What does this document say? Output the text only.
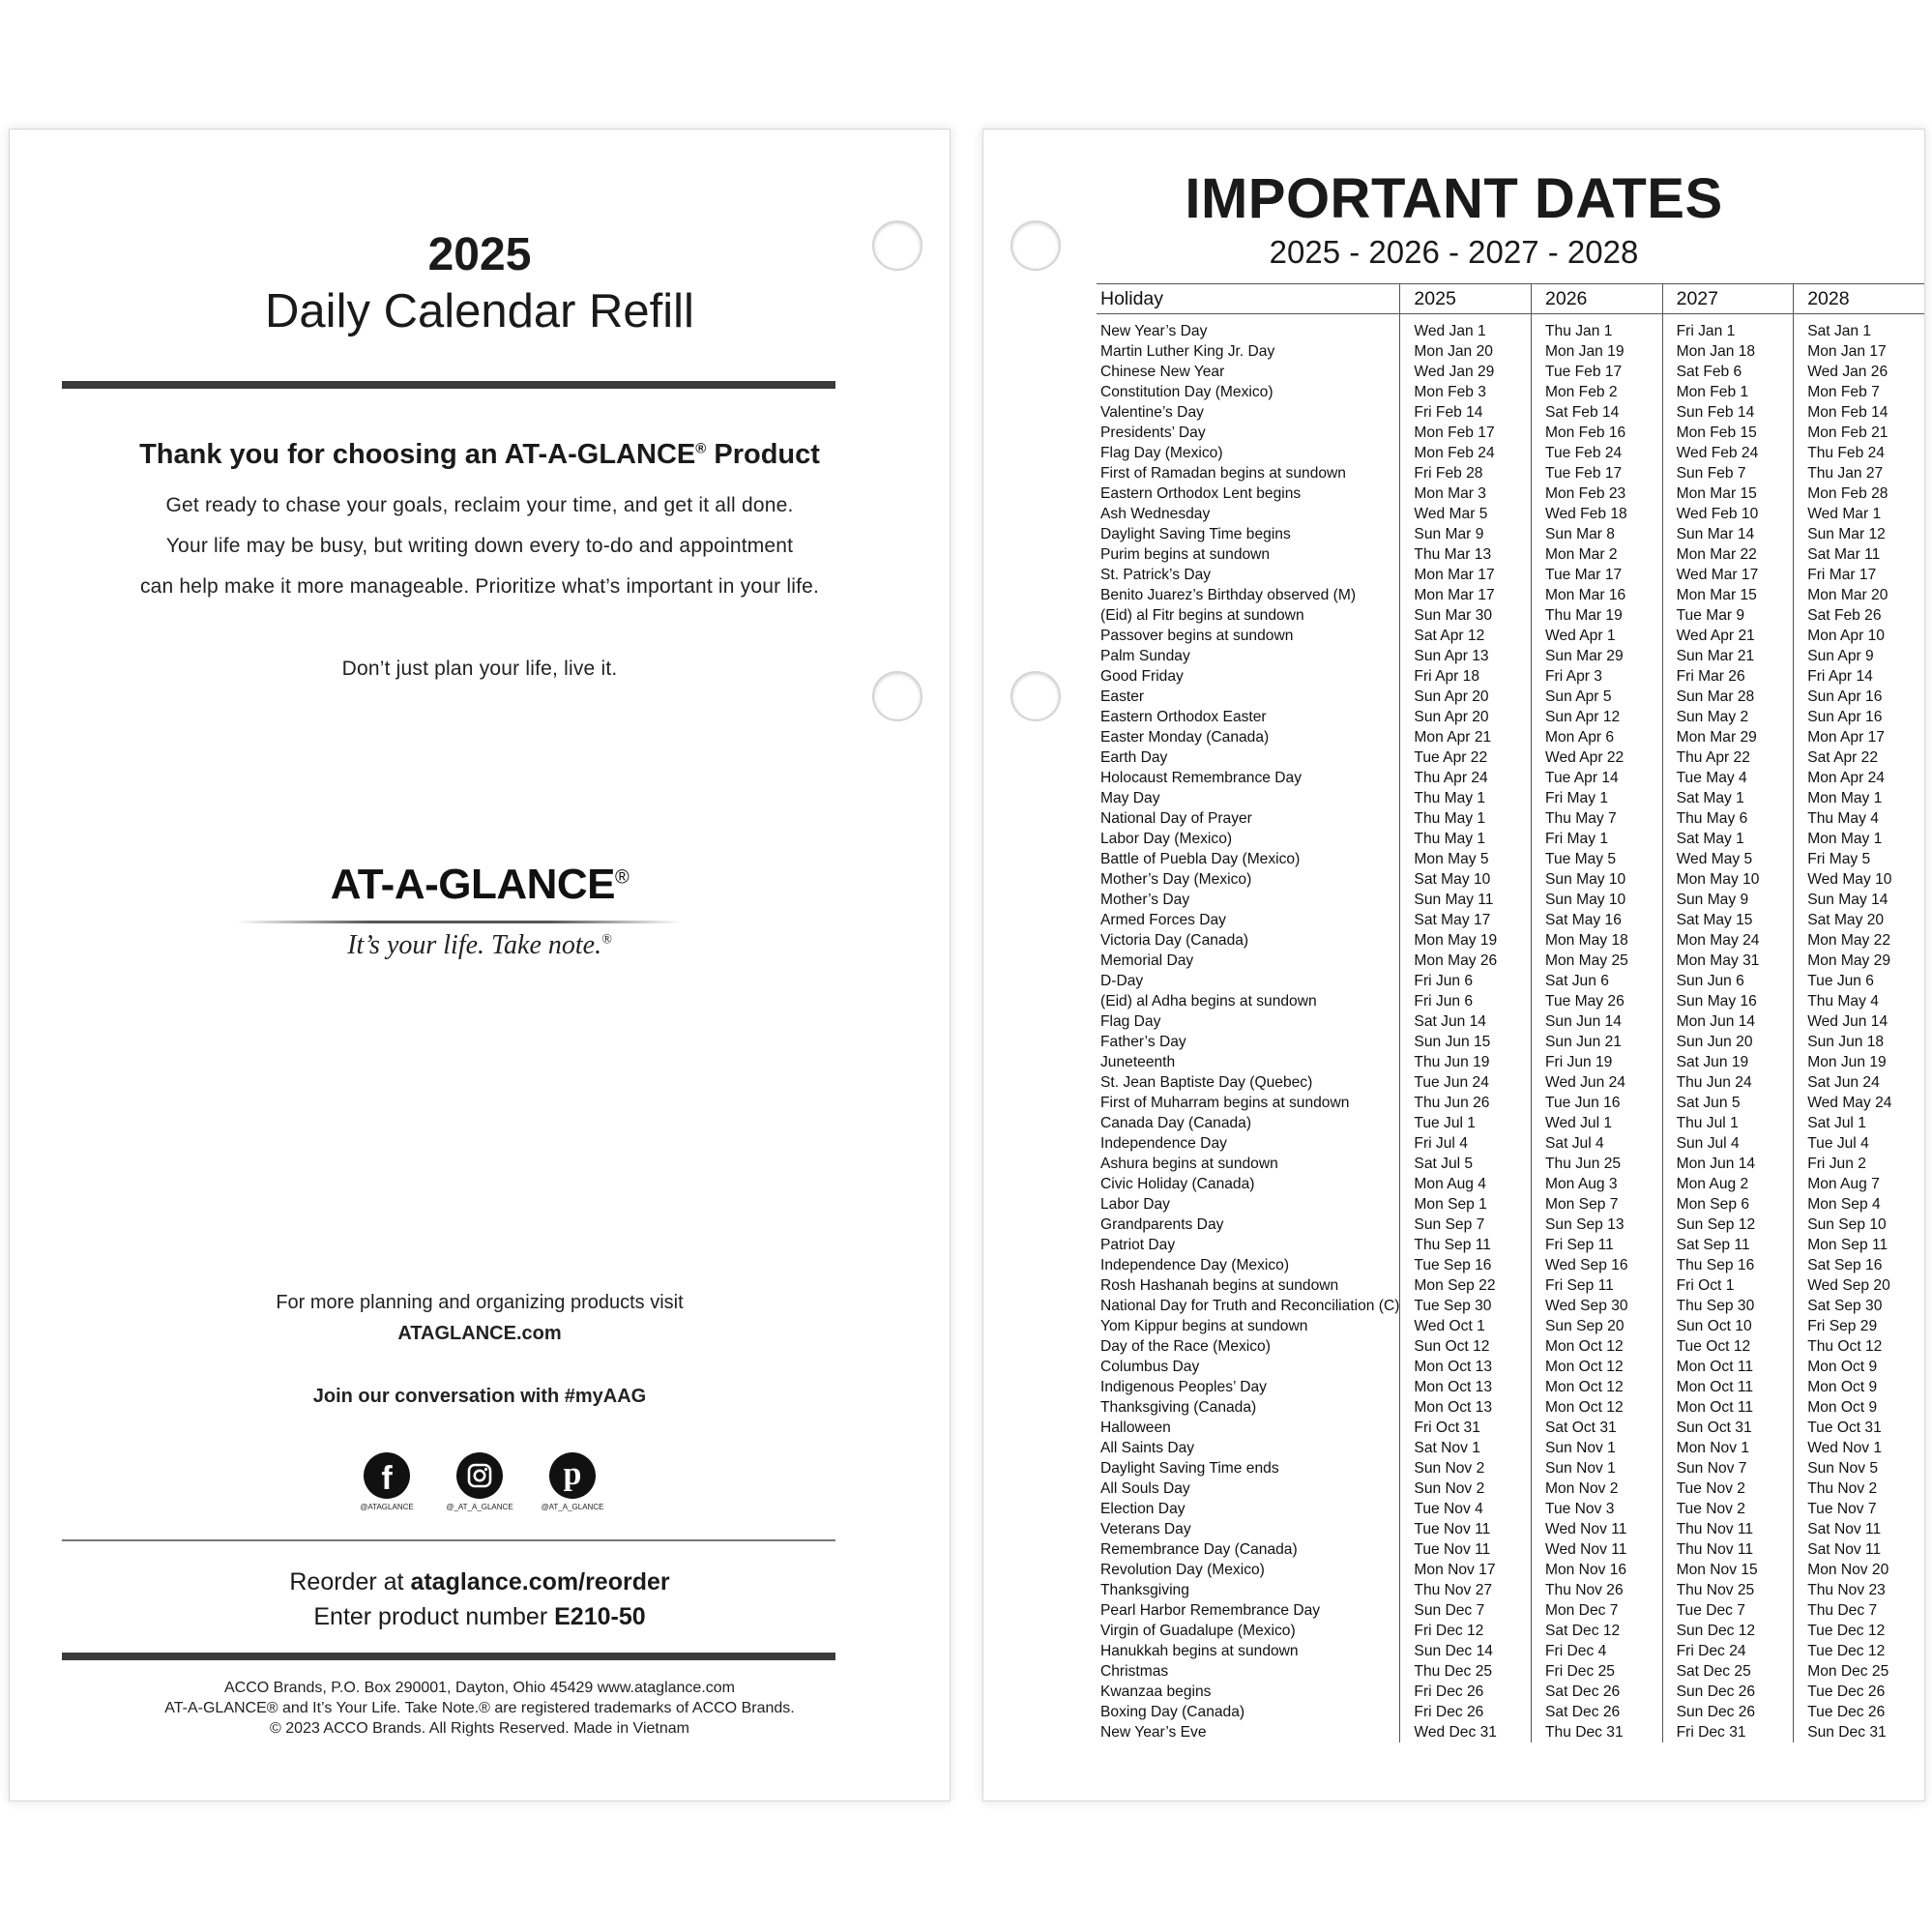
2025
Daily Calendar Refill
Thank you for choosing an AT-A-GLANCE® Product
Get ready to chase your goals, reclaim your time, and get it all done.
Your life may be busy, but writing down every to-do and appointment
can help make it more manageable. Prioritize what’s important in your life.
Don’t just plan your life, live it.
AT-A-GLANCE®
It’s your life. Take note.®
For more planning and organizing products visit
ATAGLANCE.com
Join our conversation with #myAAG
f
@ATAGLANCE	@_AT_A_GLANCE
p
@AT_A_GLANCE
Reorder at ataglance.com/reorder
Enter product number E210-50
ACCO Brands, P.O. Box 290001, Dayton, Ohio 45429 www.ataglance.com
AT-A-GLANCE® and It’s Your Life. Take Note.® are registered trademarks of ACCO Brands.
© 2023 ACCO Brands. All Rights Reserved. Made in Vietnam
IMPORTANT DATES
2025 - 2026 - 2027 - 2028
Holiday	2025	2026	2027	2028
New Year’s Day	Wed Jan 1	Thu Jan 1	Fri Jan 1	Sat Jan 1
Martin Luther King Jr. Day	Mon Jan 20	Mon Jan 19	Mon Jan 18	Mon Jan 17
Chinese New Year	Wed Jan 29	Tue Feb 17	Sat Feb 6	Wed Jan 26
Constitution Day (Mexico)	Mon Feb 3	Mon Feb 2	Mon Feb 1	Mon Feb 7
Valentine’s Day	Fri Feb 14	Sat Feb 14	Sun Feb 14	Mon Feb 14
Presidents’ Day	Mon Feb 17	Mon Feb 16	Mon Feb 15	Mon Feb 21
Flag Day (Mexico)	Mon Feb 24	Tue Feb 24	Wed Feb 24	Thu Feb 24
First of Ramadan begins at sundown	Fri Feb 28	Tue Feb 17	Sun Feb 7	Thu Jan 27
Eastern Orthodox Lent begins	Mon Mar 3	Mon Feb 23	Mon Mar 15	Mon Feb 28
Ash Wednesday	Wed Mar 5	Wed Feb 18	Wed Feb 10	Wed Mar 1
Daylight Saving Time begins	Sun Mar 9	Sun Mar 8	Sun Mar 14	Sun Mar 12
Purim begins at sundown	Thu Mar 13	Mon Mar 2	Mon Mar 22	Sat Mar 11
St. Patrick’s Day	Mon Mar 17	Tue Mar 17	Wed Mar 17	Fri Mar 17
Benito Juarez’s Birthday observed (M)	Mon Mar 17	Mon Mar 16	Mon Mar 15	Mon Mar 20
(Eid) al Fitr begins at sundown	Sun Mar 30	Thu Mar 19	Tue Mar 9	Sat Feb 26
Passover begins at sundown	Sat Apr 12	Wed Apr 1	Wed Apr 21	Mon Apr 10
Palm Sunday	Sun Apr 13	Sun Mar 29	Sun Mar 21	Sun Apr 9
Good Friday	Fri Apr 18	Fri Apr 3	Fri Mar 26	Fri Apr 14
Easter	Sun Apr 20	Sun Apr 5	Sun Mar 28	Sun Apr 16
Eastern Orthodox Easter	Sun Apr 20	Sun Apr 12	Sun May 2	Sun Apr 16
Easter Monday (Canada)	Mon Apr 21	Mon Apr 6	Mon Mar 29	Mon Apr 17
Earth Day	Tue Apr 22	Wed Apr 22	Thu Apr 22	Sat Apr 22
Holocaust Remembrance Day	Thu Apr 24	Tue Apr 14	Tue May 4	Mon Apr 24
May Day	Thu May 1	Fri May 1	Sat May 1	Mon May 1
National Day of Prayer	Thu May 1	Thu May 7	Thu May 6	Thu May 4
Labor Day (Mexico)	Thu May 1	Fri May 1	Sat May 1	Mon May 1
Battle of Puebla Day (Mexico)	Mon May 5	Tue May 5	Wed May 5	Fri May 5
Mother’s Day (Mexico)	Sat May 10	Sun May 10	Mon May 10	Wed May 10
Mother’s Day	Sun May 11	Sun May 10	Sun May 9	Sun May 14
Armed Forces Day	Sat May 17	Sat May 16	Sat May 15	Sat May 20
Victoria Day (Canada)	Mon May 19	Mon May 18	Mon May 24	Mon May 22
Memorial Day	Mon May 26	Mon May 25	Mon May 31	Mon May 29
D-Day	Fri Jun 6	Sat Jun 6	Sun Jun 6	Tue Jun 6
(Eid) al Adha begins at sundown	Fri Jun 6	Tue May 26	Sun May 16	Thu May 4
Flag Day	Sat Jun 14	Sun Jun 14	Mon Jun 14	Wed Jun 14
Father’s Day	Sun Jun 15	Sun Jun 21	Sun Jun 20	Sun Jun 18
Juneteenth	Thu Jun 19	Fri Jun 19	Sat Jun 19	Mon Jun 19
St. Jean Baptiste Day (Quebec)	Tue Jun 24	Wed Jun 24	Thu Jun 24	Sat Jun 24
First of Muharram begins at sundown	Thu Jun 26	Tue Jun 16	Sat Jun 5	Wed May 24
Canada Day (Canada)	Tue Jul 1	Wed Jul 1	Thu Jul 1	Sat Jul 1
Independence Day	Fri Jul 4	Sat Jul 4	Sun Jul 4	Tue Jul 4
Ashura begins at sundown	Sat Jul 5	Thu Jun 25	Mon Jun 14	Fri Jun 2
Civic Holiday (Canada)	Mon Aug 4	Mon Aug 3	Mon Aug 2	Mon Aug 7
Labor Day	Mon Sep 1	Mon Sep 7	Mon Sep 6	Mon Sep 4
Grandparents Day	Sun Sep 7	Sun Sep 13	Sun Sep 12	Sun Sep 10
Patriot Day	Thu Sep 11	Fri Sep 11	Sat Sep 11	Mon Sep 11
Independence Day (Mexico)	Tue Sep 16	Wed Sep 16	Thu Sep 16	Sat Sep 16
Rosh Hashanah begins at sundown	Mon Sep 22	Fri Sep 11	Fri Oct 1	Wed Sep 20
National Day for Truth and Reconciliation (C)	Tue Sep 30	Wed Sep 30	Thu Sep 30	Sat Sep 30
Yom Kippur begins at sundown	Wed Oct 1	Sun Sep 20	Sun Oct 10	Fri Sep 29
Day of the Race (Mexico)	Sun Oct 12	Mon Oct 12	Tue Oct 12	Thu Oct 12
Columbus Day	Mon Oct 13	Mon Oct 12	Mon Oct 11	Mon Oct 9
Indigenous Peoples’ Day	Mon Oct 13	Mon Oct 12	Mon Oct 11	Mon Oct 9
Thanksgiving (Canada)	Mon Oct 13	Mon Oct 12	Mon Oct 11	Mon Oct 9
Halloween	Fri Oct 31	Sat Oct 31	Sun Oct 31	Tue Oct 31
All Saints Day	Sat Nov 1	Sun Nov 1	Mon Nov 1	Wed Nov 1
Daylight Saving Time ends	Sun Nov 2	Sun Nov 1	Sun Nov 7	Sun Nov 5
All Souls Day	Sun Nov 2	Mon Nov 2	Tue Nov 2	Thu Nov 2
Election Day	Tue Nov 4	Tue Nov 3	Tue Nov 2	Tue Nov 7
Veterans Day	Tue Nov 11	Wed Nov 11	Thu Nov 11	Sat Nov 11
Remembrance Day (Canada)	Tue Nov 11	Wed Nov 11	Thu Nov 11	Sat Nov 11
Revolution Day (Mexico)	Mon Nov 17	Mon Nov 16	Mon Nov 15	Mon Nov 20
Thanksgiving	Thu Nov 27	Thu Nov 26	Thu Nov 25	Thu Nov 23
Pearl Harbor Remembrance Day	Sun Dec 7	Mon Dec 7	Tue Dec 7	Thu Dec 7
Virgin of Guadalupe (Mexico)	Fri Dec 12	Sat Dec 12	Sun Dec 12	Tue Dec 12
Hanukkah begins at sundown	Sun Dec 14	Fri Dec 4	Fri Dec 24	Tue Dec 12
Christmas	Thu Dec 25	Fri Dec 25	Sat Dec 25	Mon Dec 25
Kwanzaa begins	Fri Dec 26	Sat Dec 26	Sun Dec 26	Tue Dec 26
Boxing Day (Canada)	Fri Dec 26	Sat Dec 26	Sun Dec 26	Tue Dec 26
New Year’s Eve	Wed Dec 31	Thu Dec 31	Fri Dec 31	Sun Dec 31
